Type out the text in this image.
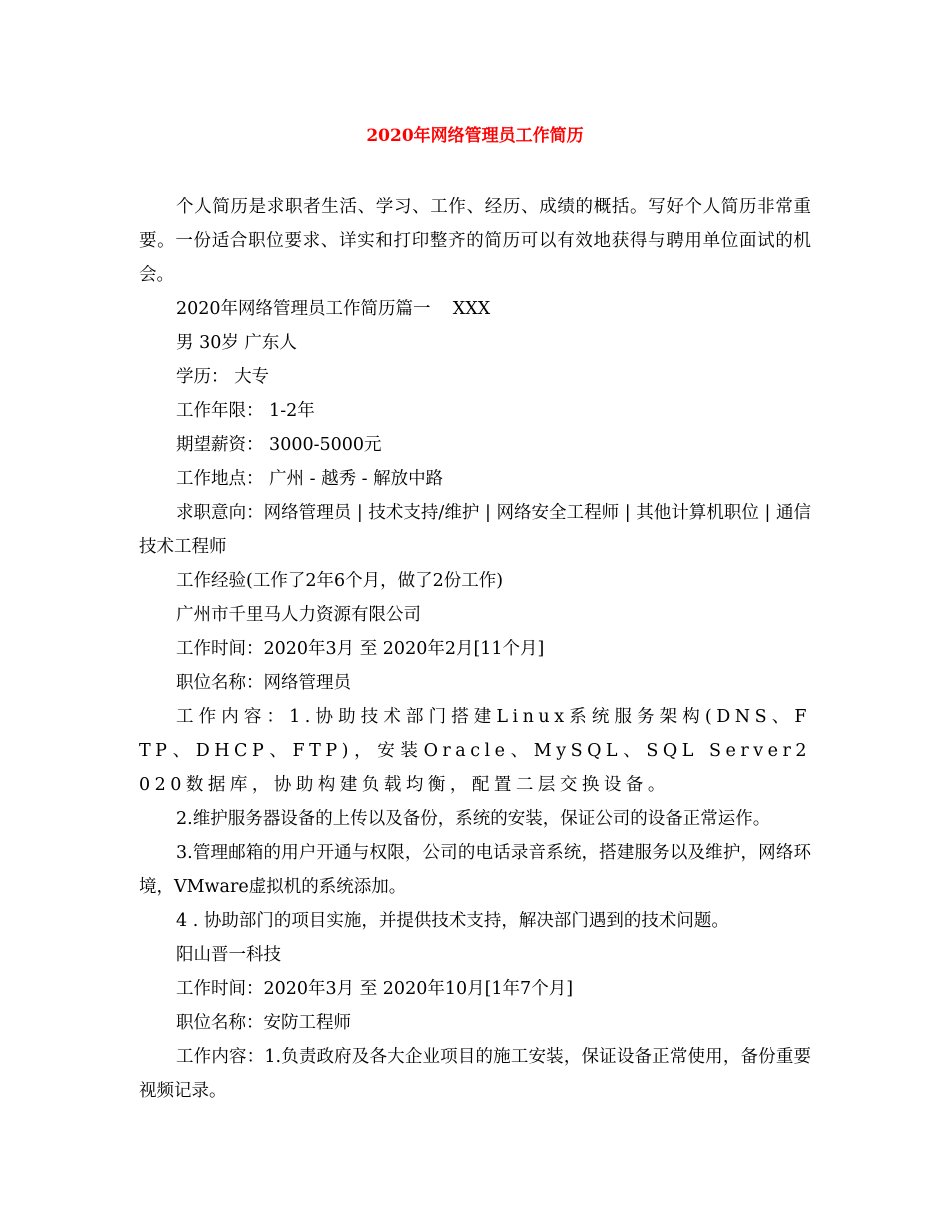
2020年网络管理员工作简历

个人简历是求职者生活、学习、工作、经历、成绩的概括。写好个人简历非常重要。一份适合职位要求、详实和打印整齐的简历可以有效地获得与聘用单位面试的机会。

2020年网络管理员工作简历篇一    XXX

男 30岁 广东人

学历： 大专

工作年限： 1-2年

期望薪资： 3000-5000元

工作地点： 广州 - 越秀 - 解放中路

求职意向：网络管理员 | 技术支持/维护 | 网络安全工程师 | 其他计算机职位 | 通信技术工程师

工作经验(工作了2年6个月，做了2份工作)

广州市千里马人力资源有限公司

工作时间：2020年3月 至 2020年2月[11个月]

职位名称：网络管理员

工作内容：1.协助技术部门搭建Linux系统服务架构(DNS、FTP、DHCP、FTP)，安装Oracle、MySQL、SQL Server2020数据库，协助构建负载均衡，配置二层交换设备。

2.维护服务器设备的上传以及备份，系统的安装，保证公司的设备正常运作。

3.管理邮箱的用户开通与权限，公司的电话录音系统，搭建服务以及维护，网络环境，VMware虚拟机的系统添加。

4 . 协助部门的项目实施，并提供技术支持，解决部门遇到的技术问题。

阳山晋一科技

工作时间：2020年3月 至 2020年10月[1年7个月]

职位名称：安防工程师

工作内容：1.负责政府及各大企业项目的施工安装，保证设备正常使用，备份重要视频记录。
